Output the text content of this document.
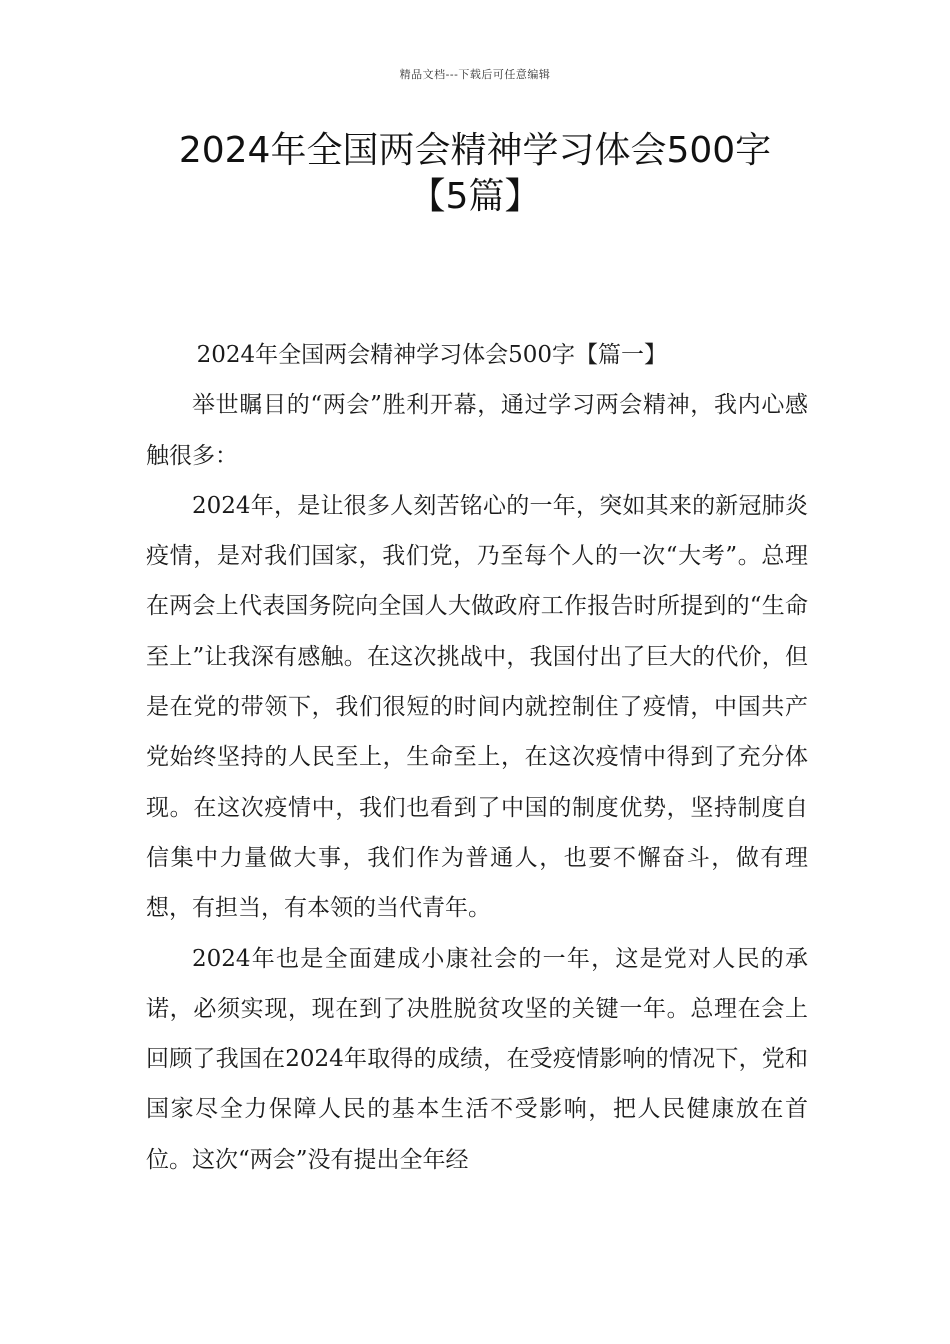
精品文档---下载后可任意编辑
2024年全国两会精神学习体会500字
【5篇】

2024年全国两会精神学习体会500字【篇一】

举世瞩目的“两会”胜利开幕，通过学习两会精神，我内心感触很多：

2024年，是让很多人刻苦铭心的一年，突如其来的新冠肺炎疫情，是对我们国家，我们党，乃至每个人的一次“大考”。总理在两会上代表国务院向全国人大做政府工作报告时所提到的“生命至上”让我深有感触。在这次挑战中，我国付出了巨大的代价，但是在党的带领下，我们很短的时间内就控制住了疫情，中国共产党始终坚持的人民至上，生命至上，在这次疫情中得到了充分体现。在这次疫情中，我们也看到了中国的制度优势，坚持制度自信集中力量做大事，我们作为普通人，也要不懈奋斗，做有理想，有担当，有本领的当代青年。

2024年也是全面建成小康社会的一年，这是党对人民的承诺，必须实现，现在到了决胜脱贫攻坚的关键一年。总理在会上回顾了我国在2024年取得的成绩，在受疫情影响的情况下，党和国家尽全力保障人民的基本生活不受影响，把人民健康放在首位。这次“两会”没有提出全年经
